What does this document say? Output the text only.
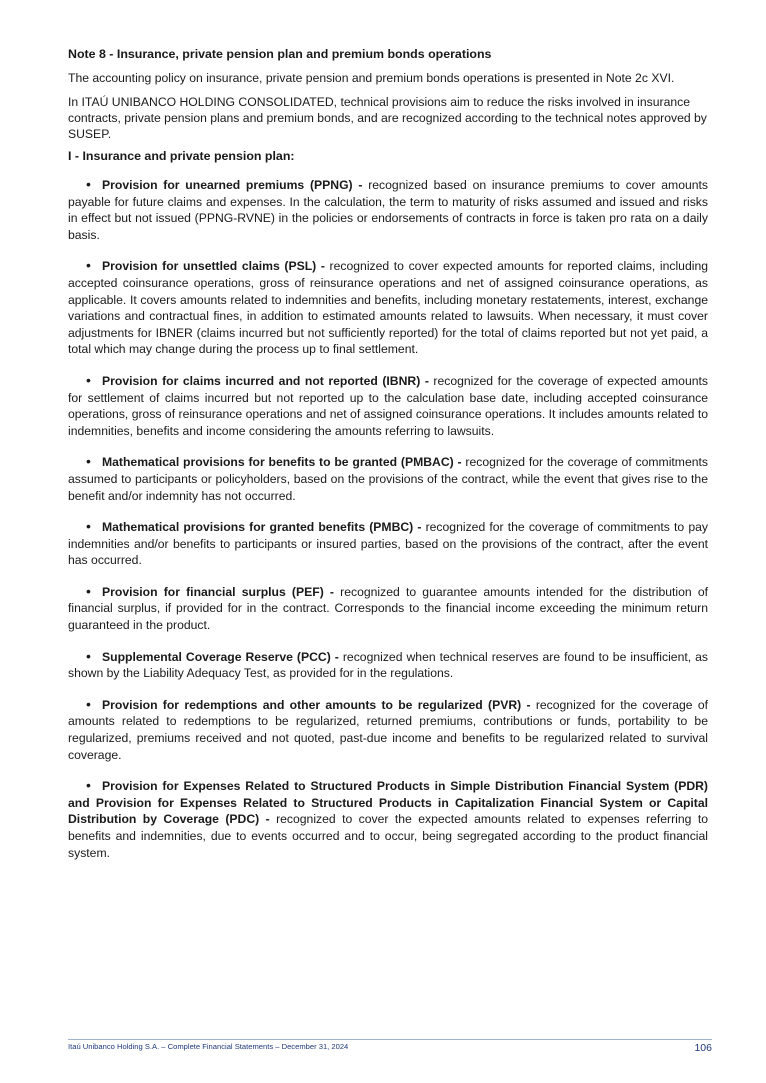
Note 8 - Insurance, private pension plan and premium bonds operations

The accounting policy on insurance, private pension and premium bonds operations is presented in Note 2c XVI.

In ITAÚ UNIBANCO HOLDING CONSOLIDATED, technical provisions aim to reduce the risks involved in insurance contracts, private pension plans and premium bonds, and are recognized according to the technical notes approved by SUSEP.

I - Insurance and private pension plan:

• Provision for unearned premiums (PPNG) - recognized based on insurance premiums to cover amounts payable for future claims and expenses. In the calculation, the term to maturity of risks assumed and issued and risks in effect but not issued (PPNG-RVNE) in the policies or endorsements of contracts in force is taken pro rata on a daily basis.

• Provision for unsettled claims (PSL) - recognized to cover expected amounts for reported claims, including accepted coinsurance operations, gross of reinsurance operations and net of assigned coinsurance operations, as applicable. It covers amounts related to indemnities and benefits, including monetary restatements, interest, exchange variations and contractual fines, in addition to estimated amounts related to lawsuits. When necessary, it must cover adjustments for IBNER (claims incurred but not sufficiently reported) for the total of claims reported but not yet paid, a total which may change during the process up to final settlement.

• Provision for claims incurred and not reported (IBNR) - recognized for the coverage of expected amounts for settlement of claims incurred but not reported up to the calculation base date, including accepted coinsurance operations, gross of reinsurance operations and net of assigned coinsurance operations. It includes amounts related to indemnities, benefits and income considering the amounts referring to lawsuits.

• Mathematical provisions for benefits to be granted (PMBAC) - recognized for the coverage of commitments assumed to participants or policyholders, based on the provisions of the contract, while the event that gives rise to the benefit and/or indemnity has not occurred.

• Mathematical provisions for granted benefits (PMBC) - recognized for the coverage of commitments to pay indemnities and/or benefits to participants or insured parties, based on the provisions of the contract, after the event has occurred.

• Provision for financial surplus (PEF) - recognized to guarantee amounts intended for the distribution of financial surplus, if provided for in the contract. Corresponds to the financial income exceeding the minimum return guaranteed in the product.

• Supplemental Coverage Reserve (PCC) - recognized when technical reserves are found to be insufficient, as shown by the Liability Adequacy Test, as provided for in the regulations.

• Provision for redemptions and other amounts to be regularized (PVR) - recognized for the coverage of amounts related to redemptions to be regularized, returned premiums, contributions or funds, portability to be regularized, premiums received and not quoted, past-due income and benefits to be regularized related to survival coverage.

• Provision for Expenses Related to Structured Products in Simple Distribution Financial System (PDR) and Provision for Expenses Related to Structured Products in Capitalization Financial System or Capital Distribution by Coverage (PDC) - recognized to cover the expected amounts related to expenses referring to benefits and indemnities, due to events occurred and to occur, being segregated according to the product financial system.

Itaú Unibanco Holding S.A. – Complete Financial Statements – December 31, 2024	106
